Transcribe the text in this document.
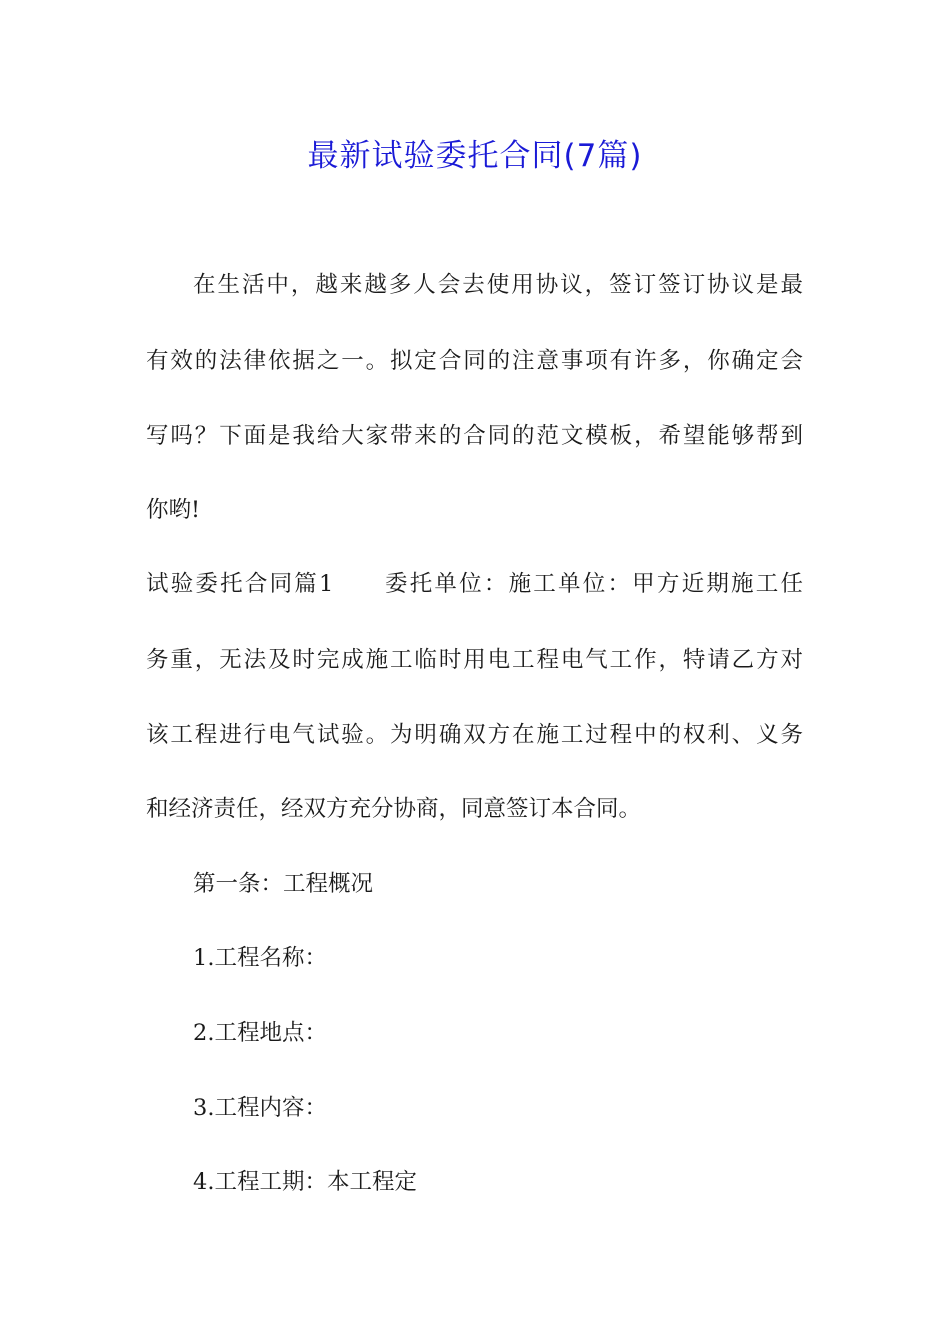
最新试验委托合同(7篇)

在生活中，越来越多人会去使用协议，签订签订协议是最

有效的法律依据之一。拟定合同的注意事项有许多，你确定会

写吗？下面是我给大家带来的合同的范文模板，希望能够帮到

你哟!

试验委托合同篇1　　委托单位：施工单位：甲方近期施工任

务重，无法及时完成施工临时用电工程电气工作，特请乙方对

该工程进行电气试验。为明确双方在施工过程中的权利、义务

和经济责任，经双方充分协商，同意签订本合同。

第一条：工程概况

1.工程名称：

2.工程地点：

3.工程内容：

4.工程工期：本工程定
